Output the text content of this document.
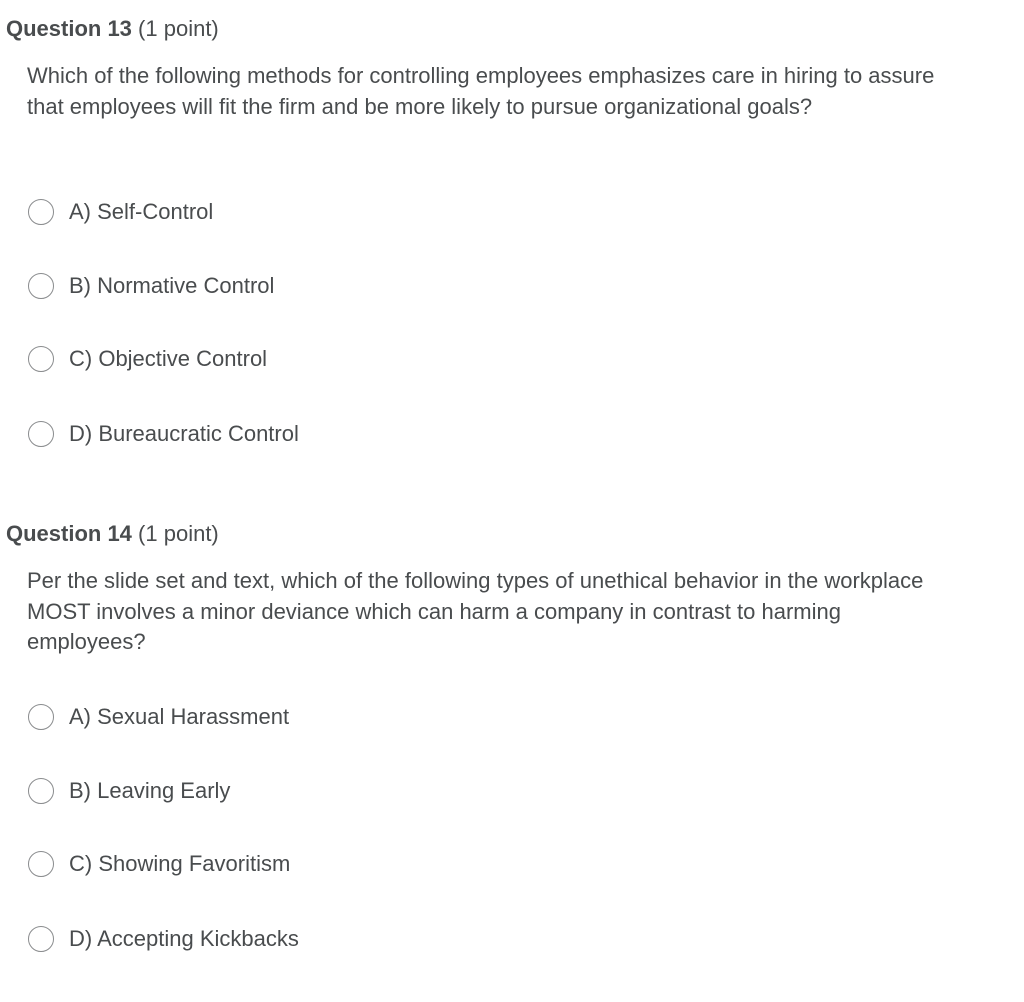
Question 13 (1 point)
Which of the following methods for controlling employees emphasizes care in hiring to assure that employees will fit the firm and be more likely to pursue organizational goals?
A) Self-Control
B) Normative Control
C) Objective Control
D) Bureaucratic Control
Question 14 (1 point)
Per the slide set and text, which of the following types of unethical behavior in the workplace MOST involves a minor deviance which can harm a company in contrast to harming employees?
A) Sexual Harassment
B) Leaving Early
C) Showing Favoritism
D) Accepting Kickbacks
